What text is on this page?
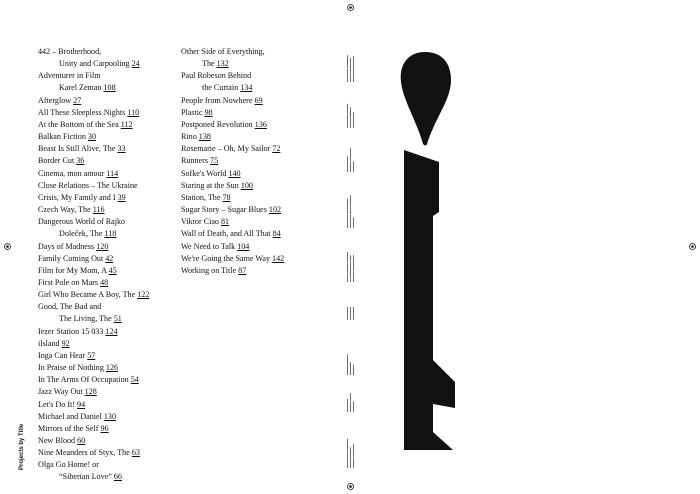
Projects by Title
442 – Brotherhood,
Unity and Carpooling 24
Adventurer in Film
Karel Zeman 108
Afterglow 27
All These Sleepless Nights 110
At the Bottom of the Sea 112
Balkan Fiction 30
Beast Is Still Alive, The 33
Border Cut 36
Cinema, mon amour 114
Close Relations – The Ukraine
Crisis, My Family and I 39
Czech Way, The 116
Dangerous World of Rajko
Doleček, The 118
Days of Madness 120
Family Coming Out 42
Film for My Mom, A 45
First Pole on Mars 48
Girl Who Became A Boy, The 122
Good, The Bad and
The Living, The 51
Iezer Station 15 033 124
ilsland 92
Inga Can Hear 57
In Praise of Nothing 126
In The Arms Of Occupation 54
Jazz Way Out 128
Let's Do It! 94
Michael and Daniel 130
Mirrors of the Self 96
New Blood 60
Nine Meanders of Styx, The 63
Olga Go Home! or
“Siberian Love” 66
Other Side of Everything,
The 132
Paul Robeson Behind
the Curtain 134
People from Nowhere 69
Plastic 98
Postponed Revolution 136
Rino 138
Rosemarie – Oh, My Sailor 72
Runners 75
Sofke's World 140
Staring at the Sun 100
Station, The 78
Sugar Story – Sugar Blues 102
Viktor Ciao 81
Wall of Death, and All That 84
We Need to Talk 104
We're Going the Same Way 142
Working on Title 87
▬▬▬▬▬ ▬▬▬▬▬ ▬▬▬ ▬▬▬▬▬▬ ▬▬▬▬▬▬▬▬▬▬
▬▬▬▬▬ ▬▬▬▬ ▬▬▬▬▬▬▬▬ ▬▬▬▬▬▬
▬▬▬▬▬▬ ▬▬▬▬ ▬▬▬▬▬ ▬▬▬▬
▬▬▬▬▬ ▬▬▬▬▬▬ ▬▬▬▬▬ ▬▬▬ ▬▬▬▬ ▬▬▬▬
▬▬▬ ▬▬▬▬ ▬▬▬▬ ▬▬▬▬▬▬▬▬ ▬▬ ▬▬▬▬ ▬▬▬▬▬▬
▬▬▬▬▬ ▬▬▬▬▬ ▬▬▬▬▬
▬▬▬▬▬▬▬▬ ▬▬▬▬▬ ▬▬▬▬
▬▬▬▬▬ ▬▬▬▬ ▬▬▬ ▬▬▬▬
▬▬▬▬▬▬ ▬▬▬▬▬ ▬▬▬▬▬▬▬▬ ▬▬▬▬ ▬▬▬▬▬
